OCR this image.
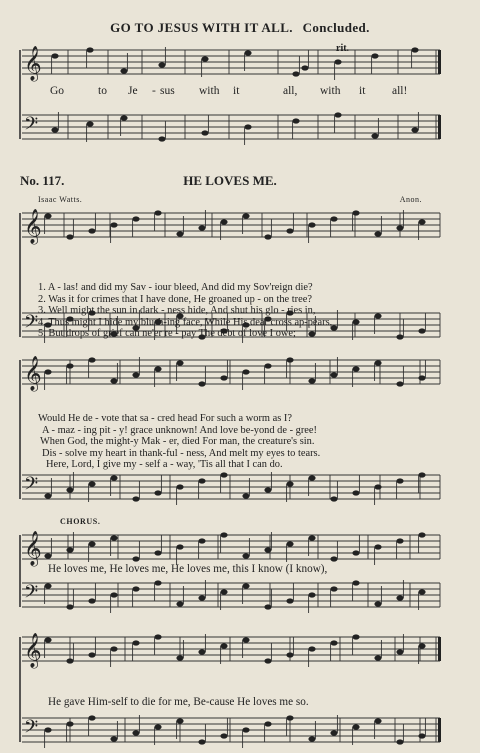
GO TO JESUS WITH IT ALL. Concluded.
𝄞
𝄢
𝄞
𝄢
𝄞
𝄢
𝄞
𝄢
𝄞
𝄢
rit.
Go	to Je - sus with it	all, with it all!
No. 117.	HE LOVES ME.
Isaac Watts.	Anon.
1. A - las! and did my Sav - iour bleed, And did my Sov'reign die?
2. Was it for crimes that I have done, He groaned up - on the tree?
3. Well might the sun in dark - ness hide, And shut his glo - ries in,
4. Thus might I hide my blush-ing face, While His dear cross ap-pears,
5. But drops of grief can ne'er re - pay The debt of love I owe;
Would He de - vote that sa - cred head For such a worm as I?
A - maz - ing pit - y! grace unknown! And love be-yond de - gree!
When God, the might-y Mak - er, died For man, the creature's sin.
Dis - solve my heart in thank-ful - ness, And melt my eyes to tears.
Here, Lord, I give my - self a - way, 'Tis all that I can do.
CHORUS.
He loves me, He loves me, He loves me, this I know (I know),
He gave Him-self to die for me, Be-cause He loves me so.
